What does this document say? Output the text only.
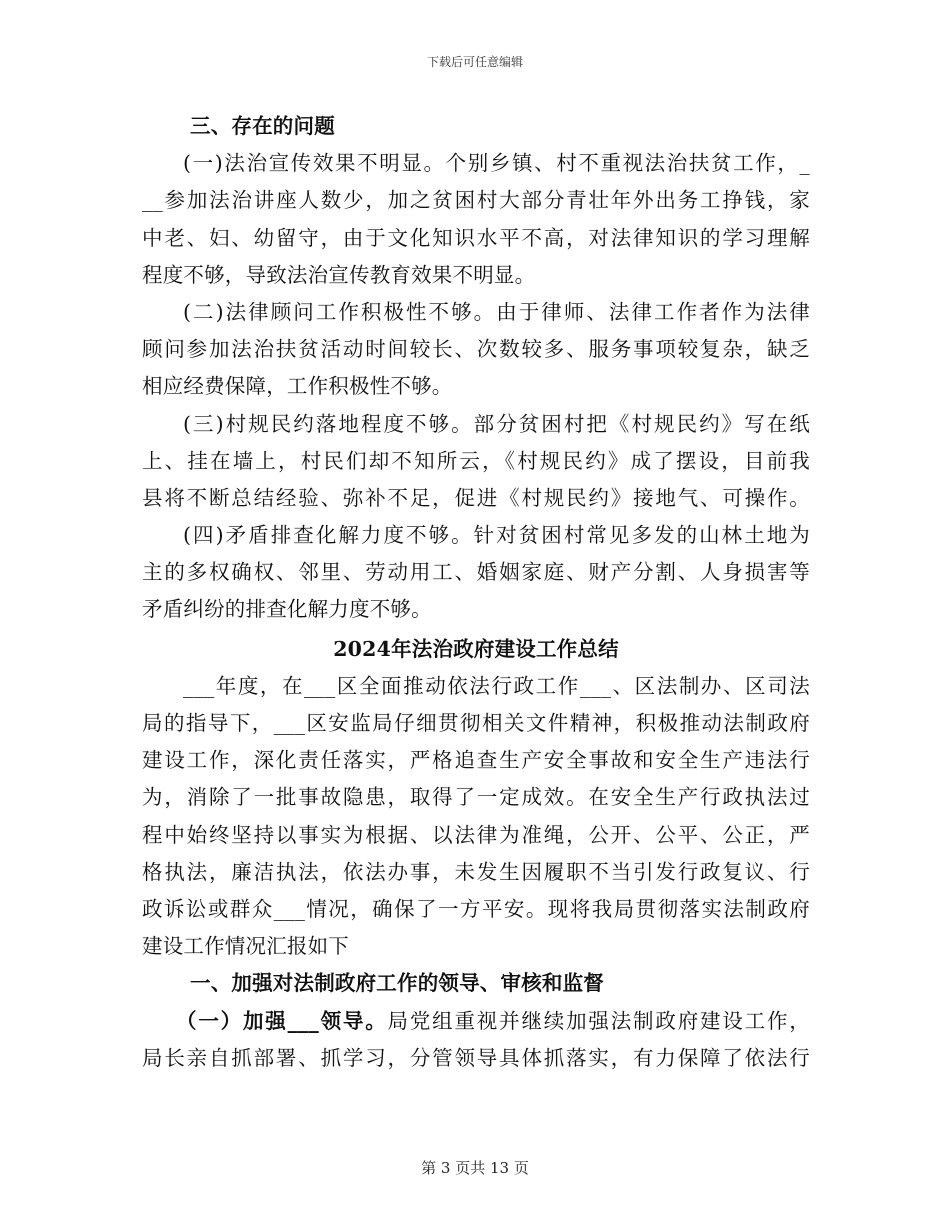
下载后可任意编辑
三、存在的问题
(一)法治宣传效果不明显。个别乡镇、村不重视法治扶贫工作，_
__参加法治讲座人数少，加之贫困村大部分青壮年外出务工挣钱，家
中老、妇、幼留守，由于文化知识水平不高，对法律知识的学习理解
程度不够，导致法治宣传教育效果不明显。
(二)法律顾问工作积极性不够。由于律师、法律工作者作为法律
顾问参加法治扶贫活动时间较长、次数较多、服务事项较复杂，缺乏
相应经费保障，工作积极性不够。
(三)村规民约落地程度不够。部分贫困村把《村规民约》写在纸
上、挂在墙上，村民们却不知所云，《村规民约》成了摆设，目前我
县将不断总结经验、弥补不足，促进《村规民约》接地气、可操作。
(四)矛盾排查化解力度不够。针对贫困村常见多发的山林土地为
主的多权确权、邻里、劳动用工、婚姻家庭、财产分割、人身损害等
矛盾纠纷的排查化解力度不够。
2024年法治政府建设工作总结
___年度，在___区全面推动依法行政工作___、区法制办、区司法
局的指导下，___区安监局仔细贯彻相关文件精神，积极推动法制政府
建设工作，深化责任落实，严格追查生产安全事故和安全生产违法行
为，消除了一批事故隐患，取得了一定成效。在安全生产行政执法过
程中始终坚持以事实为根据、以法律为准绳，公开、公平、公正，严
格执法，廉洁执法，依法办事，未发生因履职不当引发行政复议、行
政诉讼或群众___情况，确保了一方平安。现将我局贯彻落实法制政府
建设工作情况汇报如下
一、加强对法制政府工作的领导、审核和监督
（一）加强___领导。局党组重视并继续加强法制政府建设工作，
局长亲自抓部署、抓学习，分管领导具体抓落实，有力保障了依法行
第 3 页共 13 页
